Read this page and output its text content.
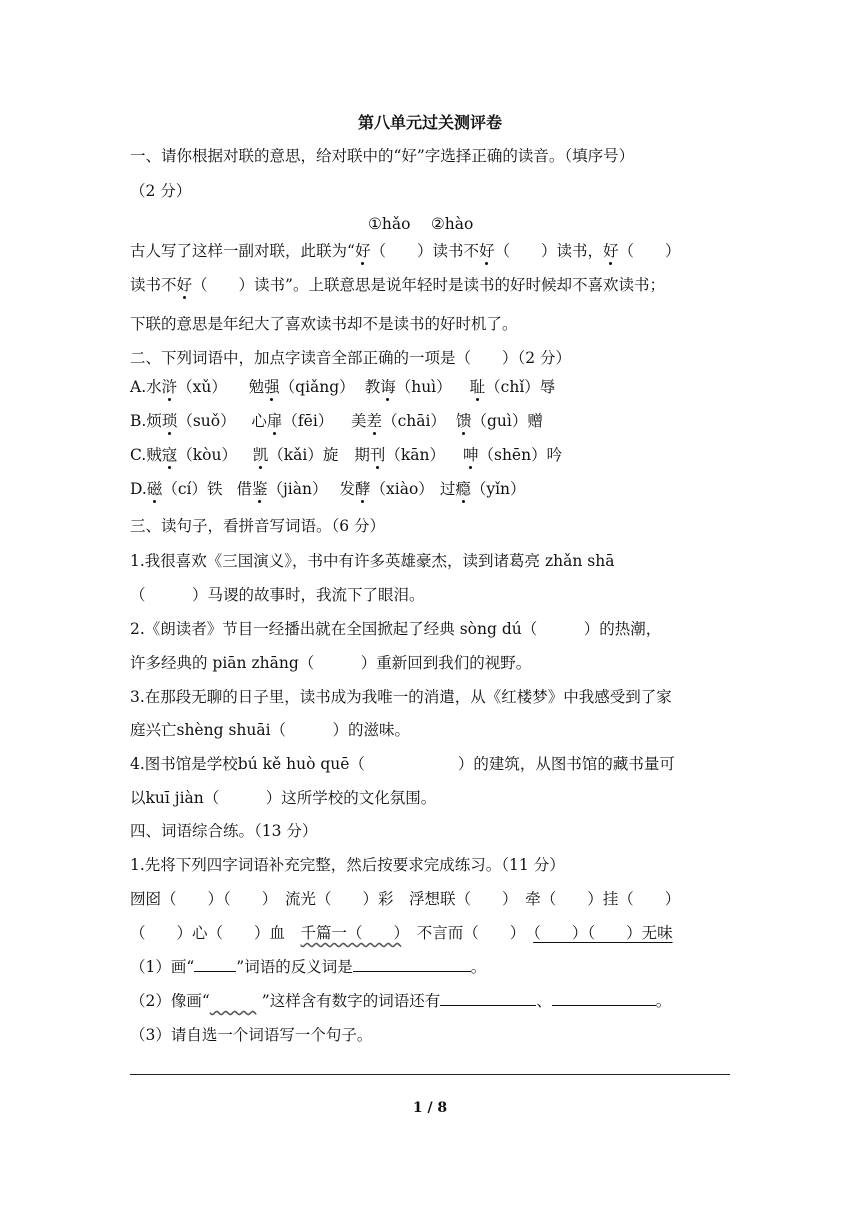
第八单元过关测评卷
一、请你根据对联的意思，给对联中的“好”字选择正确的读音。（填序号）
（2 分）
①hǎo　 ②hào
古人写了这样一副对联，此联为“好（　　）读书不好（　　）读书，好（　　）
读书不好（　　）读书”。上联意思是说年轻时是读书的好时候却不喜欢读书；
下联的意思是年纪大了喜欢读书却不是读书的好时机了。
二、下列词语中，加点字读音全部正确的一项是（　　）（2 分）
A.水浒（xǔ）　勉强（qiǎng） 教诲（huì） 耻（chǐ）辱
B.烦琐（suǒ）　心扉（fēi）　美差（chāi） 馈（guì）赠
C.贼寇（kòu）　凯（kǎi）旋 期刊（kān） 呻（shēn）吟
D.磁（cí）铁 借鉴（jiàn） 发酵（xiào） 过瘾（yǐn）
三、读句子，看拼音写词语。（6 分）
1.我很喜欢《三国演义》，书中有许多英雄豪杰，读到诸葛亮 zhǎn shā
（　　　）马谡的故事时，我流下了眼泪。
2.《朗读者》节目一经播出就在全国掀起了经典 sòng dú（　　　）的热潮，
许多经典的 piān zhāng（　　　）重新回到我们的视野。
3.在那段无聊的日子里，读书成为我唯一的消遣，从《红楼梦》中我感受到了家
庭兴亡shèng shuāi（　　　）的滋味。
4.图书馆是学校bú kě huò quē（　　　　　　）的建筑，从图书馆的藏书量可
以kuī jiàn（　　　）这所学校的文化氛围。
四、词语综合练。（13 分）
1.先将下列四字词语补充完整，然后按要求完成练习。（11 分）
囫囵（　　）（　　）　流光（　　）彩　浮想联（　　）　牵（　　）挂（　　）
（　　）心（　　）血　千篇一（　　）　不言而（　　）　 （　　）（　　）无味
（1）画“	”词语的反义词是	。
（2）像画“　　　	”这样含有数字的词语还有	、	。
（3）请自选一个词语写一个句子。
1 / 8
